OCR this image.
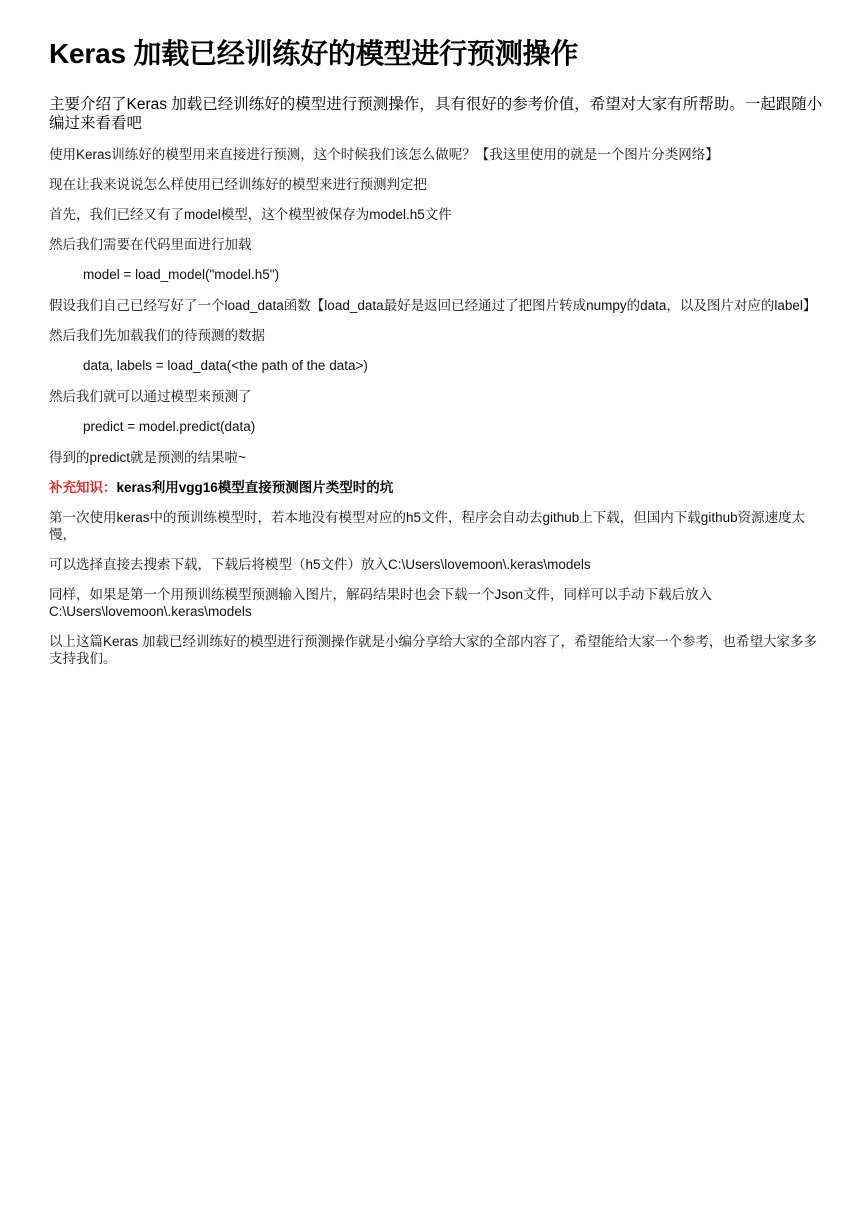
Keras 加载已经训练好的模型进行预测操作

主要介绍了Keras 加载已经训练好的模型进行预测操作，具有很好的参考价值，希望对大家有所帮助。一起跟随小编过来看看吧

使用Keras训练好的模型用来直接进行预测，这个时候我们该怎么做呢？【我这里使用的就是一个图片分类网络】

现在让我来说说怎么样使用已经训练好的模型来进行预测判定把

首先，我们已经又有了model模型，这个模型被保存为model.h5文件

然后我们需要在代码里面进行加载

model = load_model("model.h5")

假设我们自己已经写好了一个load_data函数【load_data最好是返回已经通过了把图片转成numpy的data，以及图片对应的label】

然后我们先加载我们的待预测的数据

data, labels = load_data(<the path of the data>)

然后我们就可以通过模型来预测了

predict = model.predict(data)

得到的predict就是预测的结果啦~

补充知识：keras利用vgg16模型直接预测图片类型时的坑

第一次使用keras中的预训练模型时，若本地没有模型对应的h5文件，程序会自动去github上下载，但国内下载github资源速度太慢，

可以选择直接去搜索下载，下载后将模型（h5文件）放入C:\Users\lovemoon\.keras\models

同样，如果是第一个用预训练模型预测输入图片，解码结果时也会下载一个Json文件，同样可以手动下载后放入C:\Users\lovemoon\.keras\models

以上这篇Keras 加载已经训练好的模型进行预测操作就是小编分享给大家的全部内容了，希望能给大家一个参考，也希望大家多多支持我们。
